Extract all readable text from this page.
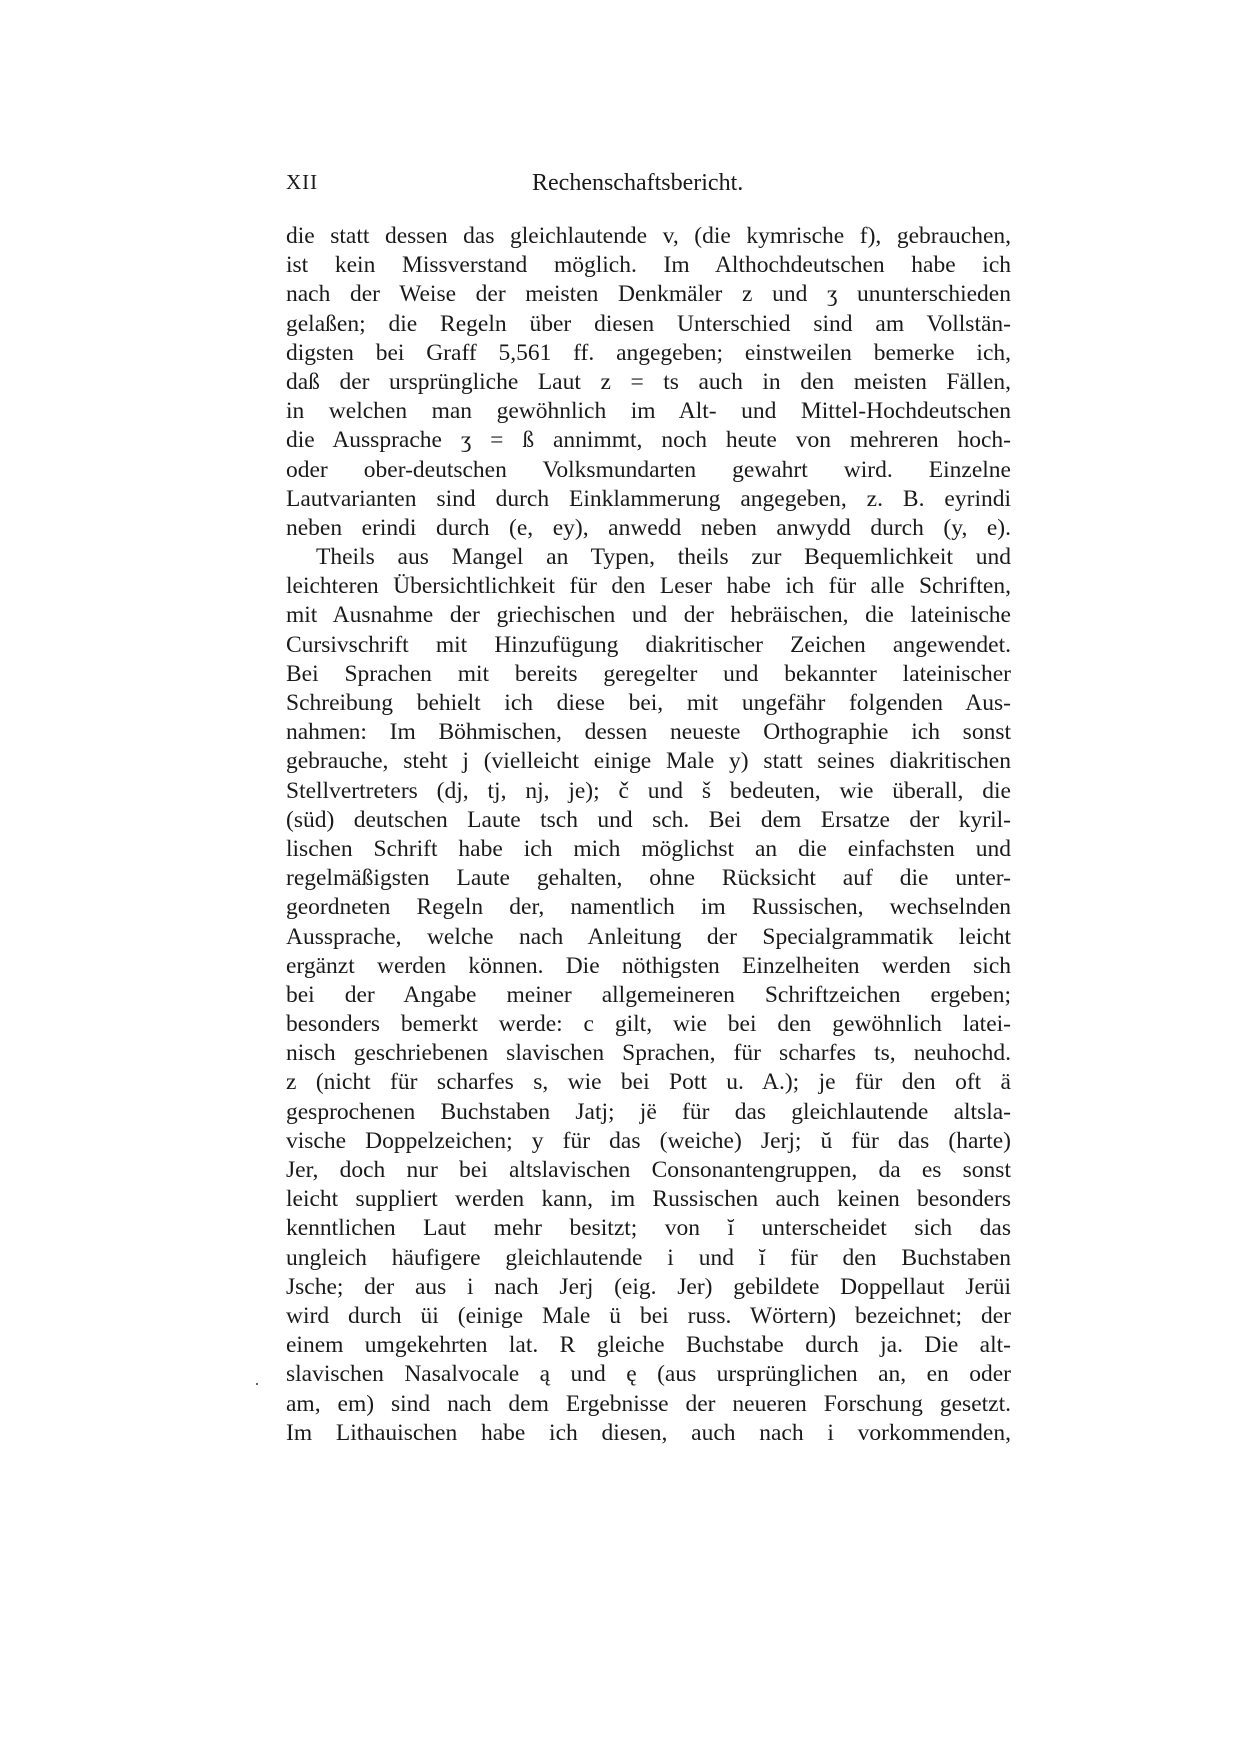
XII	Rechenschaftsbericht.
·
die statt dessen das gleichlautende v, (die kymrische f), gebrauchen,
ist kein Missverstand möglich. Im Althochdeutschen habe ich
nach der Weise der meisten Denkmäler z und ʒ ununterschieden
gelaßen; die Regeln über diesen Unterschied sind am Vollstän-
digsten bei Graff 5,561 ff. angegeben; einstweilen bemerke ich,
daß der ursprüngliche Laut z = ts auch in den meisten Fällen,
in welchen man gewöhnlich im Alt- und Mittel-Hochdeutschen
die Aussprache ʒ = ß annimmt, noch heute von mehreren hoch-
oder ober-deutschen Volksmundarten gewahrt wird. Einzelne
Lautvarianten sind durch Einklammerung angegeben, z. B. eyrindi
neben erindi durch (e, ey), anwedd neben anwydd durch (y, e).
Theils aus Mangel an Typen, theils zur Bequemlichkeit und
leichteren Übersichtlichkeit für den Leser habe ich für alle Schriften,
mit Ausnahme der griechischen und der hebräischen, die lateinische
Cursivschrift mit Hinzufügung diakritischer Zeichen angewendet.
Bei Sprachen mit bereits geregelter und bekannter lateinischer
Schreibung behielt ich diese bei, mit ungefähr folgenden Aus-
nahmen: Im Böhmischen, dessen neueste Orthographie ich sonst
gebrauche, steht j (vielleicht einige Male y) statt seines diakritischen
Stellvertreters (dj, tj, nj, je); č und š bedeuten, wie überall, die
(süd) deutschen Laute tsch und sch. Bei dem Ersatze der kyril-
lischen Schrift habe ich mich möglichst an die einfachsten und
regelmäßigsten Laute gehalten, ohne Rücksicht auf die unter-
geordneten Regeln der, namentlich im Russischen, wechselnden
Aussprache, welche nach Anleitung der Specialgrammatik leicht
ergänzt werden können. Die nöthigsten Einzelheiten werden sich
bei der Angabe meiner allgemeineren Schriftzeichen ergeben;
besonders bemerkt werde: c gilt, wie bei den gewöhnlich latei-
nisch geschriebenen slavischen Sprachen, für scharfes ts, neuhochd.
z (nicht für scharfes s, wie bei Pott u. A.); je für den oft ä
gesprochenen Buchstaben Jatj; jë für das gleichlautende altsla-
vische Doppelzeichen; y für das (weiche) Jerj; ŭ für das (harte)
Jer, doch nur bei altslavischen Consonantengruppen, da es sonst
leicht suppliert werden kann, im Russischen auch keinen besonders
kenntlichen Laut mehr besitzt; von ĭ unterscheidet sich das
ungleich häufigere gleichlautende i und ĭ für den Buchstaben
Jsche; der aus i nach Jerj (eig. Jer) gebildete Doppellaut Jerüi
wird durch üi (einige Male ü bei russ. Wörtern) bezeichnet; der
einem umgekehrten lat. R gleiche Buchstabe durch ja. Die alt-
slavischen Nasalvocale ą und ę (aus ursprünglichen an, en oder
am, em) sind nach dem Ergebnisse der neueren Forschung gesetzt.
Im Lithauischen habe ich diesen, auch nach i vorkommenden,
